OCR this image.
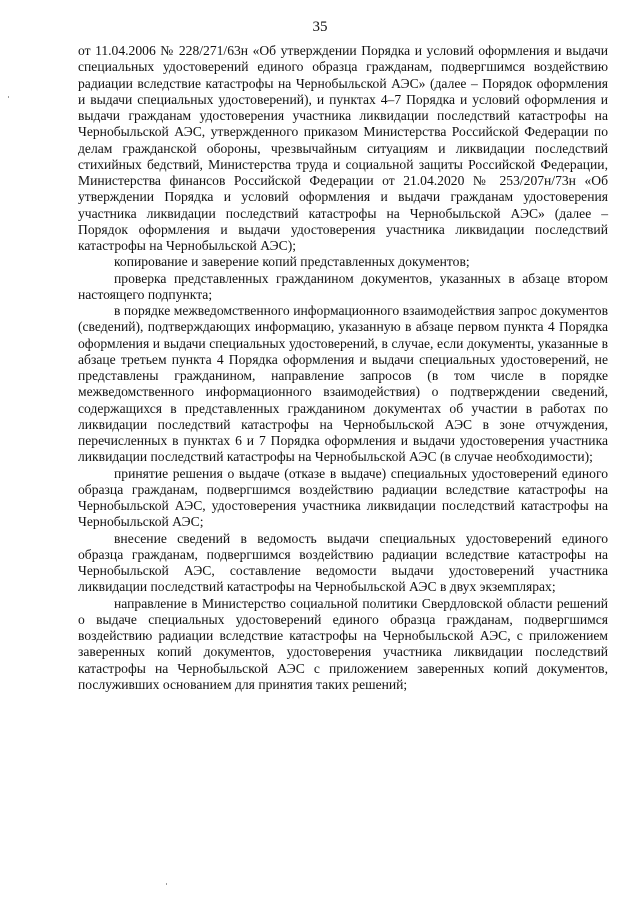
35

от 11.04.2006 № 228/271/63н «Об утверждении Порядка и условий оформления и выдачи специальных удостоверений единого образца гражданам, подвергшимся воздействию радиации вследствие катастрофы на Чернобыльской АЭС» (далее – Порядок оформления и выдачи специальных удостоверений), и пунктах 4–7 Порядка и условий оформления и выдачи гражданам удостоверения участника ликвидации последствий катастрофы на Чернобыльской АЭС, утвержденного приказом Министерства Российской Федерации по делам гражданской обороны, чрезвычайным ситуациям и ликвидации последствий стихийных бедствий, Министерства труда и социальной защиты Российской Федерации, Министерства финансов Российской Федерации от 21.04.2020 № 253/207н/73н «Об утверждении Порядка и условий оформления и выдачи гражданам удостоверения участника ликвидации последствий катастрофы на Чернобыльской АЭС» (далее – Порядок оформления и выдачи удостоверения участника ликвидации последствий катастрофы на Чернобыльской АЭС);

копирование и заверение копий представленных документов;

проверка представленных гражданином документов, указанных в абзаце втором настоящего подпункта;

в порядке межведомственного информационного взаимодействия запрос документов (сведений), подтверждающих информацию, указанную в абзаце первом пункта 4 Порядка оформления и выдачи специальных удостоверений, в случае, если документы, указанные в абзаце третьем пункта 4 Порядка оформления и выдачи специальных удостоверений, не представлены гражданином, направление запросов (в том числе в порядке межведомственного информационного взаимодействия) о подтверждении сведений, содержащихся в представленных гражданином документах об участии в работах по ликвидации последствий катастрофы на Чернобыльской АЭС в зоне отчуждения, перечисленных в пунктах 6 и 7 Порядка оформления и выдачи удостоверения участника ликвидации последствий катастрофы на Чернобыльской АЭС (в случае необходимости);

принятие решения о выдаче (отказе в выдаче) специальных удостоверений единого образца гражданам, подвергшимся воздействию радиации вследствие катастрофы на Чернобыльской АЭС, удостоверения участника ликвидации последствий катастрофы на Чернобыльской АЭС;

внесение сведений в ведомость выдачи специальных удостоверений единого образца гражданам, подвергшимся воздействию радиации вследствие катастрофы на Чернобыльской АЭС, составление ведомости выдачи удостоверений участника ликвидации последствий катастрофы на Чернобыльской АЭС в двух экземплярах;

направление в Министерство социальной политики Свердловской области решений о выдаче специальных удостоверений единого образца гражданам, подвергшимся воздействию радиации вследствие катастрофы на Чернобыльской АЭС, с приложением заверенных копий документов, удостоверения участника ликвидации последствий катастрофы на Чернобыльской АЭС с приложением заверенных копий документов, послуживших основанием для принятия таких решений;
